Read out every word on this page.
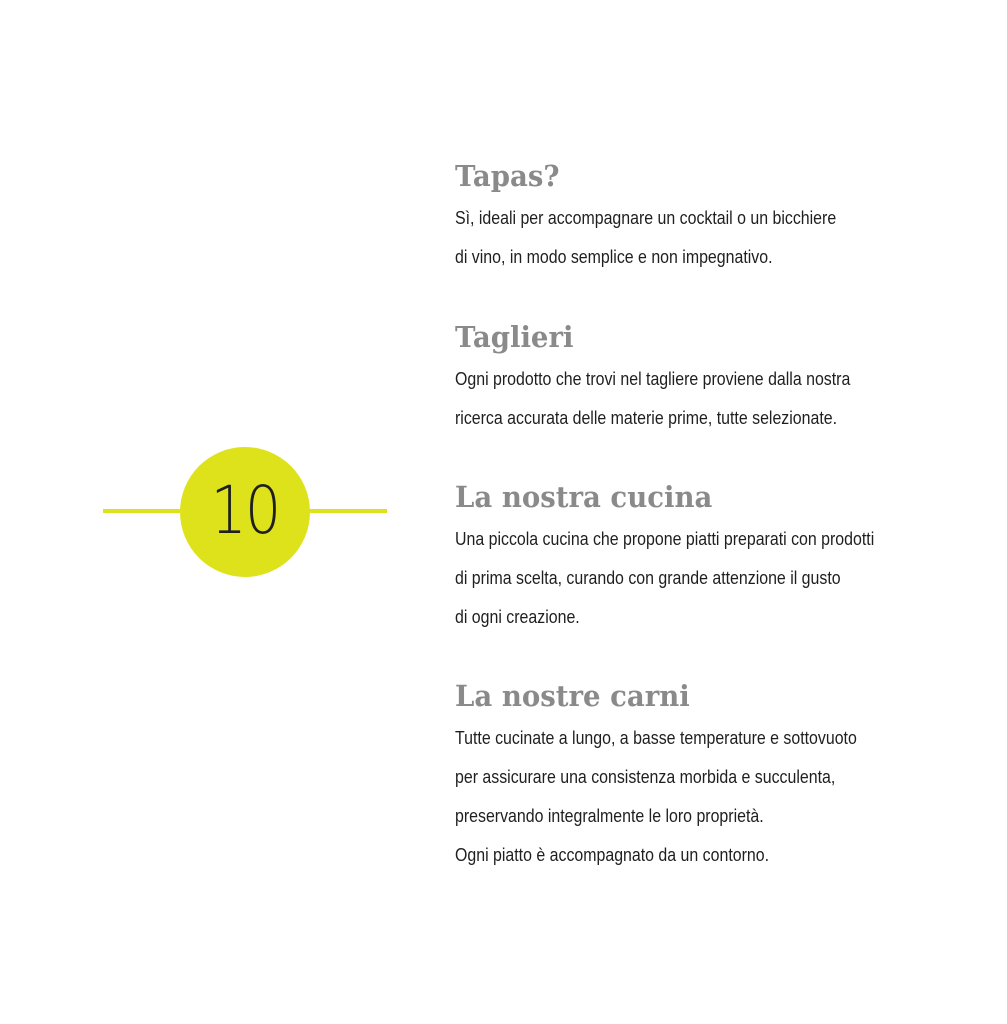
10
Tapas?

Sì, ideali per accompagnare un cocktail o un bicchiere
di vino, in modo semplice e non impegnativo.

Taglieri

Ogni prodotto che trovi nel tagliere proviene dalla nostra
ricerca accurata delle materie prime, tutte selezionate.

La nostra cucina

Una piccola cucina che propone piatti preparati con prodotti
di prima scelta, curando con grande attenzione il gusto
di ogni creazione.

La nostre carni

Tutte cucinate a lungo, a basse temperature e sottovuoto
per assicurare una consistenza morbida e succulenta,
preservando integralmente le loro proprietà.
Ogni piatto è accompagnato da un contorno.
